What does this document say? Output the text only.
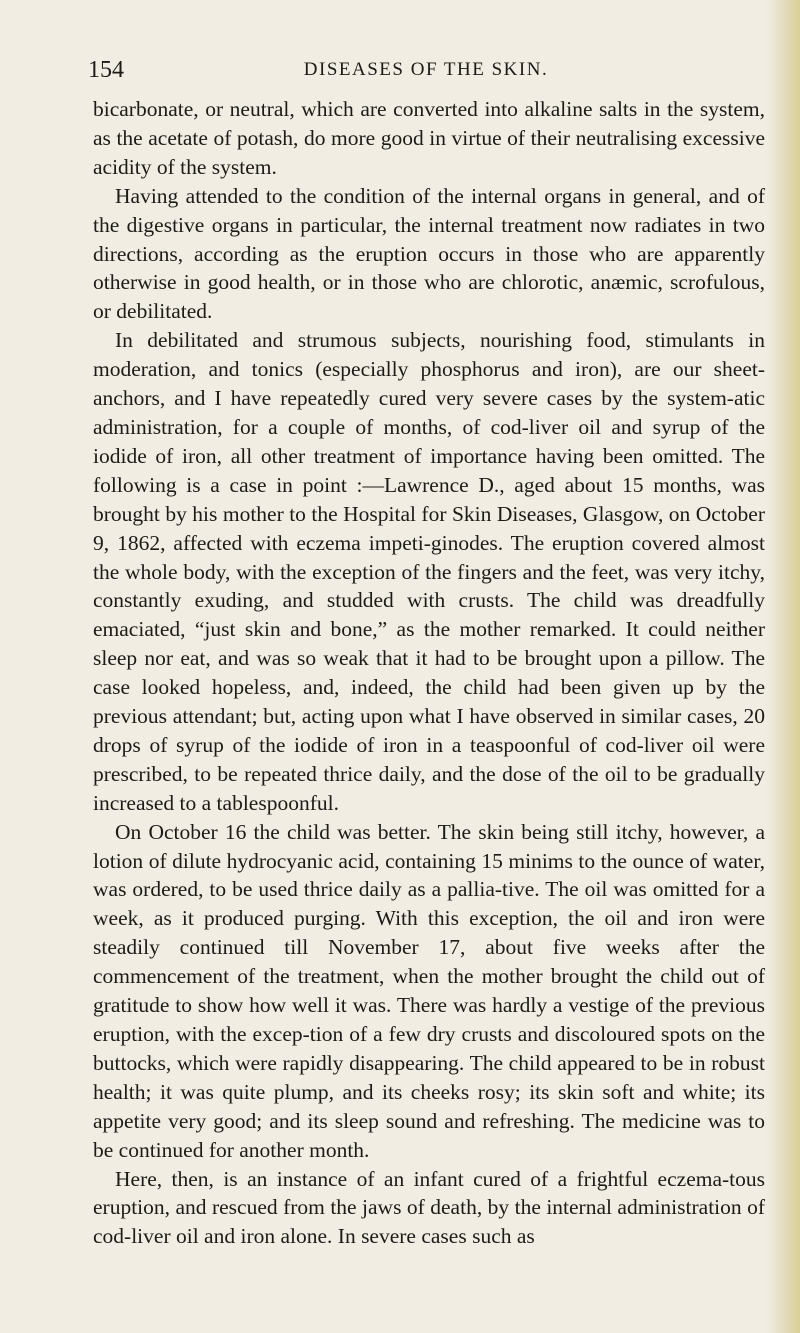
154	DISEASES OF THE SKIN.

bicarbonate, or neutral, which are converted into alkaline salts in the system, as the acetate of potash, do more good in virtue of their neutralising excessive acidity of the system.

Having attended to the condition of the internal organs in general, and of the digestive organs in particular, the internal treatment now radiates in two directions, according as the eruption occurs in those who are apparently otherwise in good health, or in those who are chlorotic, anæmic, scrofulous, or debilitated.

In debilitated and strumous subjects, nourishing food, stimulants in moderation, and tonics (especially phosphorus and iron), are our sheet-anchors, and I have repeatedly cured very severe cases by the system-atic administration, for a couple of months, of cod-liver oil and syrup of the iodide of iron, all other treatment of importance having been omitted. The following is a case in point :—Lawrence D., aged about 15 months, was brought by his mother to the Hospital for Skin Diseases, Glasgow, on October 9, 1862, affected with eczema impeti-ginodes. The eruption covered almost the whole body, with the exception of the fingers and the feet, was very itchy, constantly exuding, and studded with crusts. The child was dreadfully emaciated, “just skin and bone,” as the mother remarked. It could neither sleep nor eat, and was so weak that it had to be brought upon a pillow. The case looked hopeless, and, indeed, the child had been given up by the previous attendant; but, acting upon what I have observed in similar cases, 20 drops of syrup of the iodide of iron in a teaspoonful of cod-liver oil were prescribed, to be repeated thrice daily, and the dose of the oil to be gradually increased to a tablespoonful.

On October 16 the child was better. The skin being still itchy, however, a lotion of dilute hydrocyanic acid, containing 15 minims to the ounce of water, was ordered, to be used thrice daily as a pallia-tive. The oil was omitted for a week, as it produced purging. With this exception, the oil and iron were steadily continued till November 17, about five weeks after the commencement of the treatment, when the mother brought the child out of gratitude to show how well it was. There was hardly a vestige of the previous eruption, with the excep-tion of a few dry crusts and discoloured spots on the buttocks, which were rapidly disappearing. The child appeared to be in robust health; it was quite plump, and its cheeks rosy; its skin soft and white; its appetite very good; and its sleep sound and refreshing. The medicine was to be continued for another month.

Here, then, is an instance of an infant cured of a frightful eczema-tous eruption, and rescued from the jaws of death, by the internal administration of cod-liver oil and iron alone. In severe cases such as
